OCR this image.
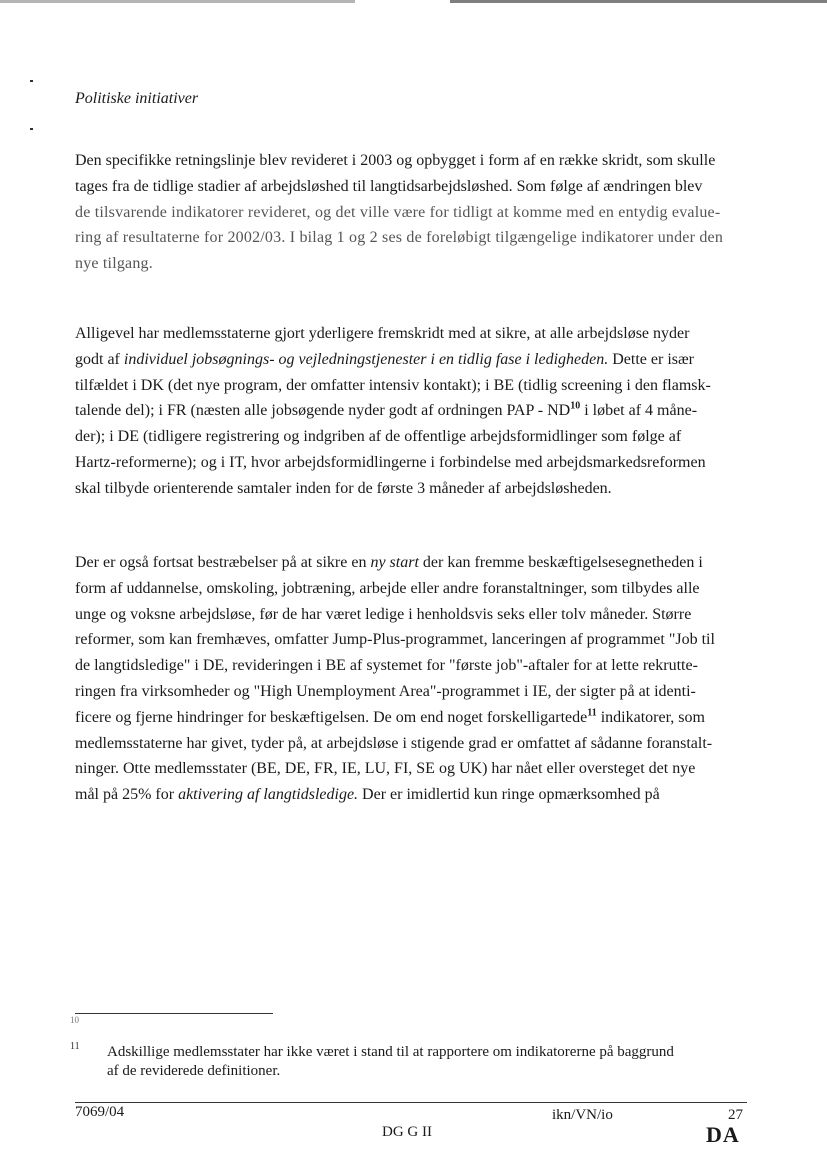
Politiske initiativer
Den specifikke retningslinje blev revideret i 2003 og opbygget i form af en række skridt, som skulle
tages fra de tidlige stadier af arbejdsløshed til langtidsarbejdsløshed. Som følge af ændringen blev
de tilsvarende indikatorer revideret, og det ville være for tidligt at komme med en entydig evalue-
ring af resultaterne for 2002/03. I bilag 1 og 2 ses de foreløbigt tilgængelige indikatorer under den
nye tilgang.
Alligevel har medlemsstaterne gjort yderligere fremskridt med at sikre, at alle arbejdsløse nyder
godt af individuel jobsøgnings- og vejledningstjenester i en tidlig fase i ledigheden. Dette er især
tilfældet i DK (det nye program, der omfatter intensiv kontakt); i BE (tidlig screening i den flamsk-
talende del); i FR (næsten alle jobsøgende nyder godt af ordningen PAP - ND$^{10}$ i løbet af 4 måne-
der); i DE (tidligere registrering og indgriben af de offentlige arbejdsformidlinger som følge af
Hartz-reformerne); og i IT, hvor arbejdsformidlingerne i forbindelse med arbejdsmarkedsreformen
skal tilbyde orienterende samtaler inden for de første 3 måneder af arbejdsløsheden.
Der er også fortsat bestræbelser på at sikre en ny start der kan fremme beskæftigelsesegnetheden i
form af uddannelse, omskoling, jobtræning, arbejde eller andre foranstaltninger, som tilbydes alle
unge og voksne arbejdsløse, før de har været ledige i henholdsvis seks eller tolv måneder. Større
reformer, som kan fremhæves, omfatter Jump-Plus-programmet, lanceringen af programmet "Job til
de langtidsledige" i DE, revideringen i BE af systemet for "første job"-aftaler for at lette rekrutte-
ringen fra virksomheder og "High Unemployment Area"-programmet i IE, der sigter på at identi-
ficere og fjerne hindringer for beskæftigelsen. De om end noget forskelligartede$^{11}$ indikatorer, som
medlemsstaterne har givet, tyder på, at arbejdsløse i stigende grad er omfattet af sådanne foranstalt-
ninger. Otte medlemsstater (BE, DE, FR, IE, LU, FI, SE og UK) har nået eller oversteget det nye
mål på 25% for aktivering af langtidsledige. Der er imidlertid kun ringe opmærksomhed på
10
11 Adskillige medlemsstater har ikke været i stand til at rapportere om indikatorerne på baggrund
af de reviderede definitioner.
7069/04
DG G II
ikn/VN/io	27
DA
